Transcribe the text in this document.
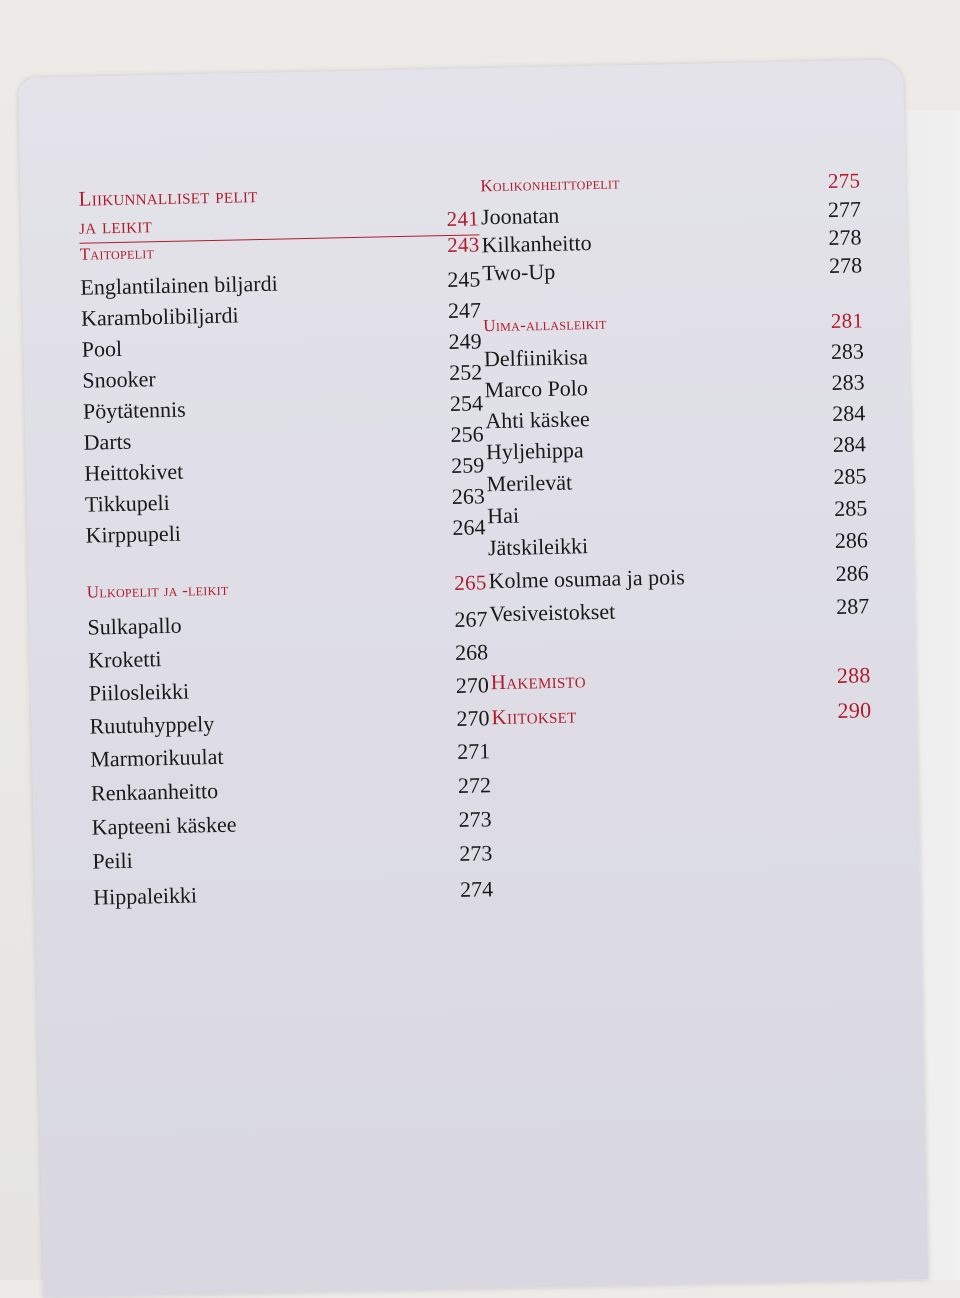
Liikunnalliset pelit
ja leikit	241
Taitopelit	243
Englantilainen biljardi	245
Karambolibiljardi	247
Pool	249
Snooker	252
Pöytätennis	254
Darts	256
Heittokivet	259
Tikkupeli	263
Kirppupeli	264
Ulkopelit ja -leikit	265
Sulkapallo	267
Kroketti	268
Piilosleikki	270
Ruutuhyppely	270
Marmorikuulat	271
Renkaanheitto	272
Kapteeni käskee	273
Peili	273
Hippaleikki	274
Kolikonheittopelit	275
Joonatan	277
Kilkanheitto	278
Two-Up	278
Uima-allasleikit	281
Delfiinikisa	283
Marco Polo	283
Ahti käskee	284
Hyljehippa	284
Merilevät	285
Hai	285
Jätskileikki	286
Kolme osumaa ja pois	286
Vesiveistokset	287
Hakemisto	288
Kiitokset	290
